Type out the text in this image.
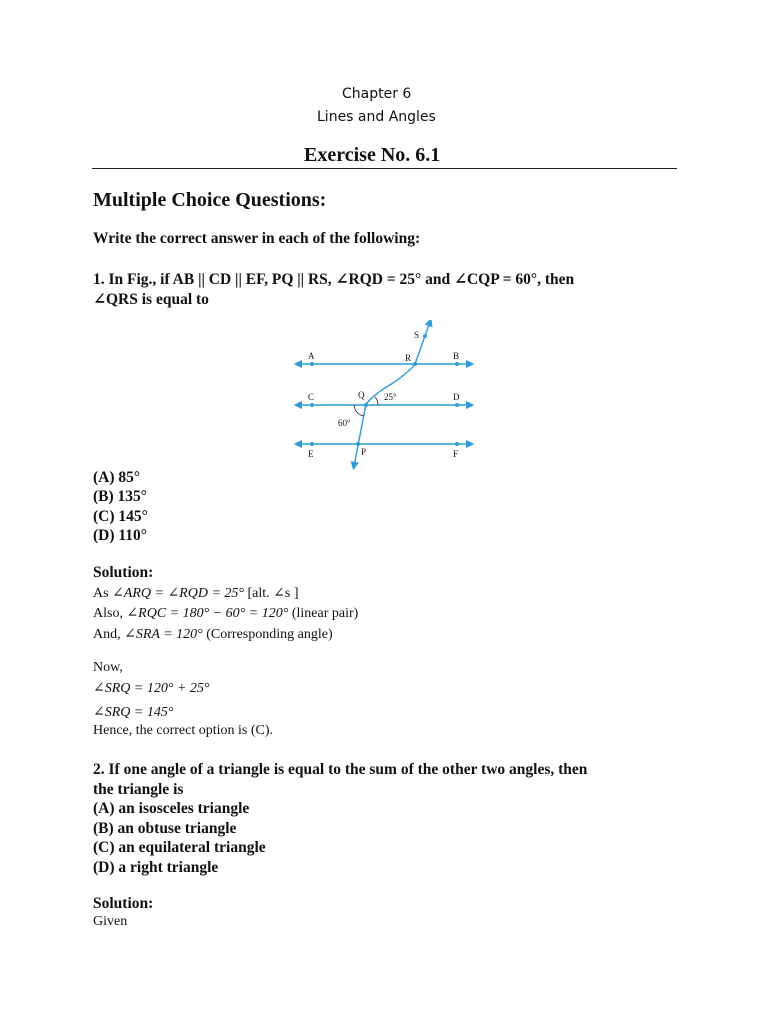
Chapter 6
Lines and Angles
Exercise No. 6.1
Multiple Choice Questions:
Write the correct answer in each of the following:
1. In Fig., if AB || CD || EF, PQ || RS, ∠RQD = 25° and ∠CQP = 60°, then
∠QRS is equal to
A	B
C	D
E	F
Q
R
S
P
25°
60°
(A) 85°
(B) 135°
(C) 145°
(D) 110°
Solution:
As ∠ARQ = ∠RQD = 25° [alt. ∠s ]
Also, ∠RQC = 180° − 60° = 120° (linear pair)
And, ∠SRA = 120° (Corresponding angle)
Now,
∠SRQ = 120° + 25°
∠SRQ = 145°
Hence, the correct option is (C).
2. If one angle of a triangle is equal to the sum of the other two angles, then
the triangle is
(A) an isosceles triangle
(B) an obtuse triangle
(C) an equilateral triangle
(D) a right triangle
Solution:
Given
